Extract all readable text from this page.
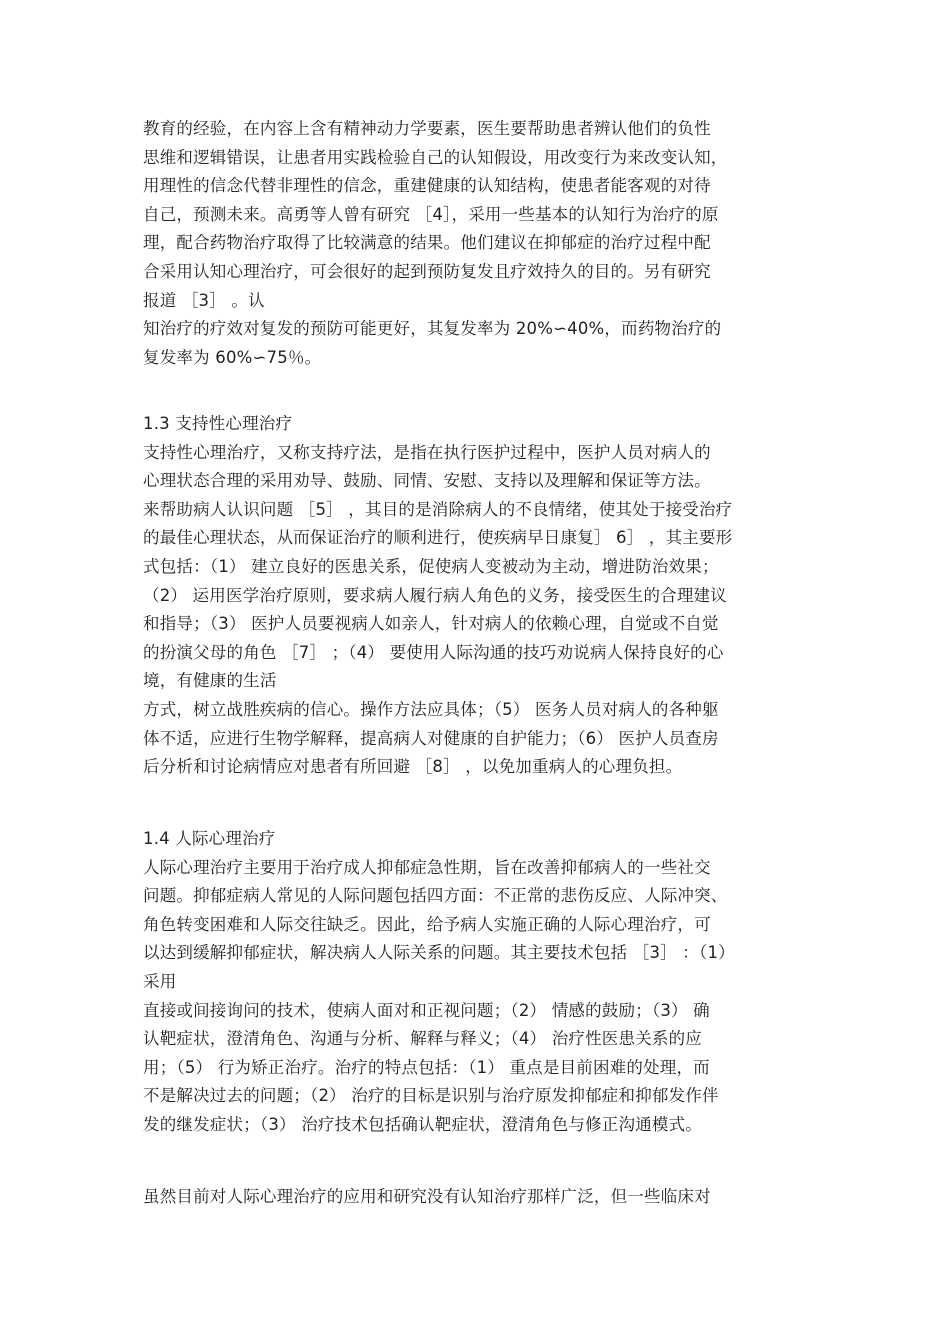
教育的经验，在内容上含有精神动力学要素，医生要帮助患者辨认他们的负性
思维和逻辑错误，让患者用实践检验自己的认知假设，用改变行为来改变认知，
用理性的信念代替非理性的信念，重建健康的认知结构，使患者能客观的对待
自己，预测未来。高勇等人曾有研究 ［4］，采用一些基本的认知行为治疗的原
理，配合药物治疗取得了比较满意的结果。他们建议在抑郁症的治疗过程中配
合采用认知心理治疗，可会很好的起到预防复发且疗效持久的目的。另有研究
报道 ［3］ 。认
知治疗的疗效对复发的预防可能更好，其复发率为 20%∽40%，而药物治疗的
复发率为 60%∽75％。
1.3 支持性心理治疗
支持性心理治疗，又称支持疗法，是指在执行医护过程中，医护人员对病人的
心理状态合理的采用劝导、鼓励、同情、安慰、支持以及理解和保证等方法。
来帮助病人认识问题 ［5］ ，其目的是消除病人的不良情绪，使其处于接受治疗
的最佳心理状态，从而保证治疗的顺利进行，使疾病早日康复］ 6］ ，其主要形
式包括：（1） 建立良好的医患关系，促使病人变被动为主动，增进防治效果；
（2） 运用医学治疗原则，要求病人履行病人角色的义务，接受医生的合理建议
和指导；（3） 医护人员要视病人如亲人，针对病人的依赖心理，自觉或不自觉
的扮演父母的角色 ［7］ ；（4） 要使用人际沟通的技巧劝说病人保持良好的心
境，有健康的生活
方式，树立战胜疾病的信心。操作方法应具体；（5） 医务人员对病人的各种躯
体不适，应进行生物学解释，提高病人对健康的自护能力；（6） 医护人员查房
后分析和讨论病情应对患者有所回避 ［8］ ，以免加重病人的心理负担。
1.4 人际心理治疗
人际心理治疗主要用于治疗成人抑郁症急性期，旨在改善抑郁病人的一些社交
问题。抑郁症病人常见的人际问题包括四方面：不正常的悲伤反应、人际冲突、
角色转变困难和人际交往缺乏。因此，给予病人实施正确的人际心理治疗，可
以达到缓解抑郁症状，解决病人人际关系的问题。其主要技术包括 ［3］ ：（1）
采用
直接或间接询问的技术，使病人面对和正视问题；（2） 情感的鼓励；（3） 确
认靶症状，澄清角色、沟通与分析、解释与释义；（4） 治疗性医患关系的应
用；（5） 行为矫正治疗。治疗的特点包括：（1） 重点是目前困难的处理，而
不是解决过去的问题；（2） 治疗的目标是识别与治疗原发抑郁症和抑郁发作伴
发的继发症状；（3） 治疗技术包括确认靶症状，澄清角色与修正沟通模式。
虽然目前对人际心理治疗的应用和研究没有认知治疗那样广泛，但一些临床对
